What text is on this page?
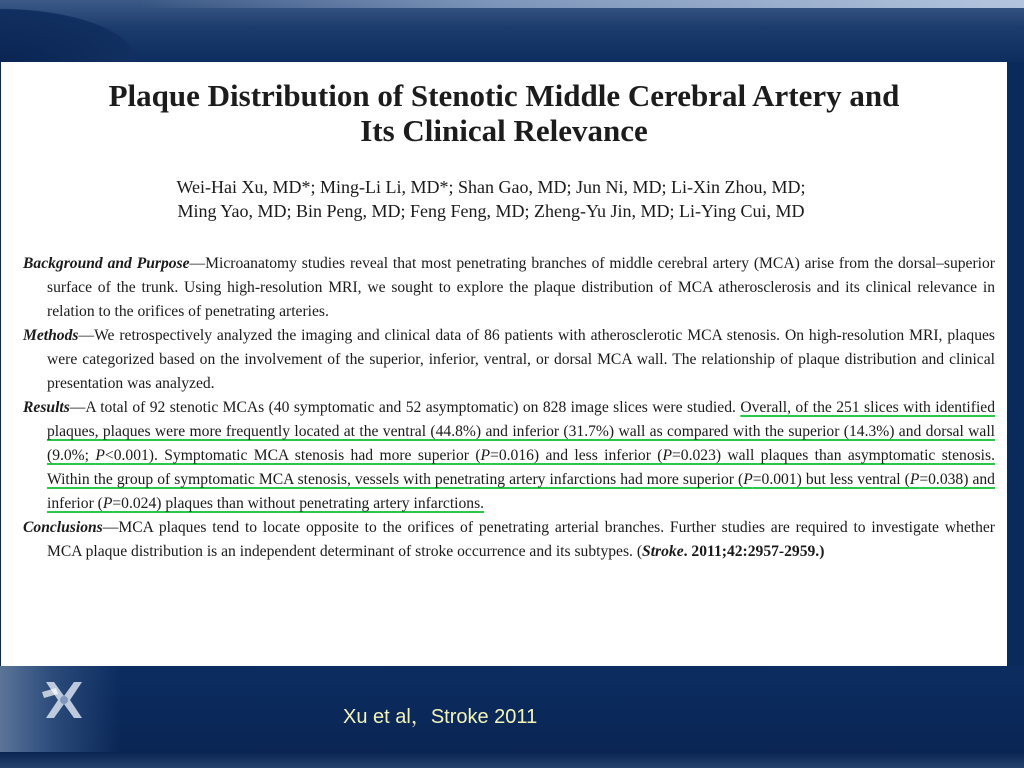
Plaque Distribution of Stenotic Middle Cerebral Artery and
Its Clinical Relevance
Wei-Hai Xu, MD*; Ming-Li Li, MD*; Shan Gao, MD; Jun Ni, MD; Li-Xin Zhou, MD;
Ming Yao, MD; Bin Peng, MD; Feng Feng, MD; Zheng-Yu Jin, MD; Li-Ying Cui, MD

Background and Purpose—Microanatomy studies reveal that most penetrating branches of middle cerebral artery (MCA) arise from the dorsal–superior surface of the trunk. Using high-resolution MRI, we sought to explore the plaque distribution of MCA atherosclerosis and its clinical relevance in relation to the orifices of penetrating arteries.

Methods—We retrospectively analyzed the imaging and clinical data of 86 patients with atherosclerotic MCA stenosis. On high-resolution MRI, plaques were categorized based on the involvement of the superior, inferior, ventral, or dorsal MCA wall. The relationship of plaque distribution and clinical presentation was analyzed.

Results—A total of 92 stenotic MCAs (40 symptomatic and 52 asymptomatic) on 828 image slices were studied. Overall, of the 251 slices with identified plaques, plaques were more frequently located at the ventral (44.8%) and inferior (31.7%) wall as compared with the superior (14.3%) and dorsal wall (9.0%; P<0.001). Symptomatic MCA stenosis had more superior (P=0.016) and less inferior (P=0.023) wall plaques than asymptomatic stenosis. Within the group of symptomatic MCA stenosis, vessels with penetrating artery infarctions had more superior (P=0.001) but less ventral (P=0.038) and inferior (P=0.024) plaques than without penetrating artery infarctions.

Conclusions—MCA plaques tend to locate opposite to the orifices of penetrating arterial branches. Further studies are required to investigate whether MCA plaque distribution is an independent determinant of stroke occurrence and its subtypes. (Stroke. 2011;42:2957-2959.)

Xu et al，Stroke 2011
